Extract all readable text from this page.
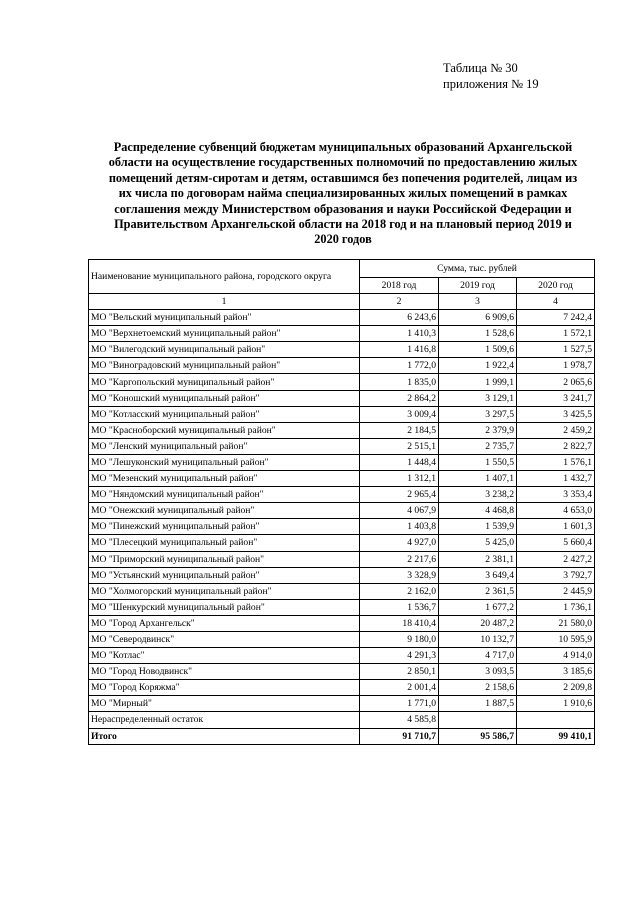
Таблица № 30
приложения № 19
Распределение субвенций бюджетам муниципальных образований Архангельской
области на осуществление государственных полномочий по предоставлению жилых
помещений детям-сиротам и детям, оставшимся без попечения родителей, лицам из
их числа по договорам найма специализированных жилых помещений в рамках
соглашения между Министерством образования и науки Российской Федерации и
Правительством Архангельской области на 2018 год и на плановый период 2019 и
2020 годов
Наименование муниципального района, городского округа	Сумма, тыс. рублей		
	2018 год	2019 год	2020 год
1	2	3	4
МО "Вельский муниципальный район"	6 243,6	6 909,6	7 242,4
МО "Верхнетоемский муниципальный район"	1 410,3	1 528,6	1 572,1
МО "Вилегодский муниципальный район"	1 416,8	1 509,6	1 527,5
МО "Виноградовский муниципальный район"	1 772,0	1 922,4	1 978,7
МО "Каргопольский муниципальный район"	1 835,0	1 999,1	2 065,6
МО "Коношский муниципальный район"	2 864,2	3 129,1	3 241,7
МО "Котласский муниципальный район"	3 009,4	3 297,5	3 425,5
МО "Красноборский муниципальный район"	2 184,5	2 379,9	2 459,2
МО "Ленский муниципальный район"	2 515,1	2 735,7	2 822,7
МО "Лешуконский муниципальный район"	1 448,4	1 550,5	1 576,1
МО "Мезенский муниципальный район"	1 312,1	1 407,1	1 432,7
МО "Няндомский муниципальный район"	2 965,4	3 238,2	3 353,4
МО "Онежский муниципальный район"	4 067,9	4 468,8	4 653,0
МО "Пинежский муниципальный район"	1 403,8	1 539,9	1 601,3
МО "Плесецкий муниципальный район"	4 927,0	5 425,0	5 660,4
МО "Приморский муниципальный район"	2 217,6	2 381,1	2 427,2
МО "Устьянский муниципальный район"	3 328,9	3 649,4	3 792,7
МО "Холмогорский муниципальный район"	2 162,0	2 361,5	2 445,9
МО "Шенкурский муниципальный район"	1 536,7	1 677,2	1 736,1
МО "Город Архангельск"	18 410,4	20 487,2	21 580,0
МО "Северодвинск"	9 180,0	10 132,7	10 595,9
МО "Котлас"	4 291,3	4 717,0	4 914,0
МО "Город Новодвинск"	2 850,1	3 093,5	3 185,6
МО "Город Коряжма"	2 001,4	2 158,6	2 209,8
МО "Мирный"	1 771,0	1 887,5	1 910,6
Нераспределенный остаток	4 585,8		
Итого	91 710,7	95 586,7	99 410,1
